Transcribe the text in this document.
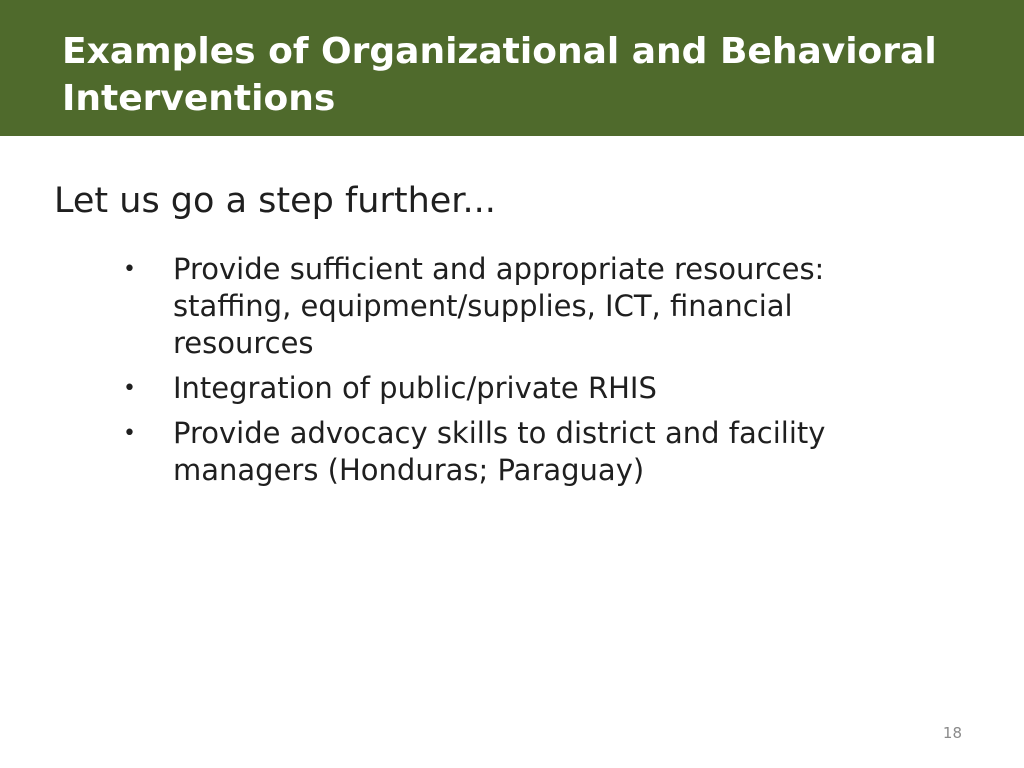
Examples of Organizational and Behavioral Interventions
Let us go a step further...
• Provide sufficient and appropriate resources: staffing, equipment/supplies, ICT, financial resources
• Integration of public/private RHIS
• Provide advocacy skills to district and facility managers (Honduras; Paraguay)
18
